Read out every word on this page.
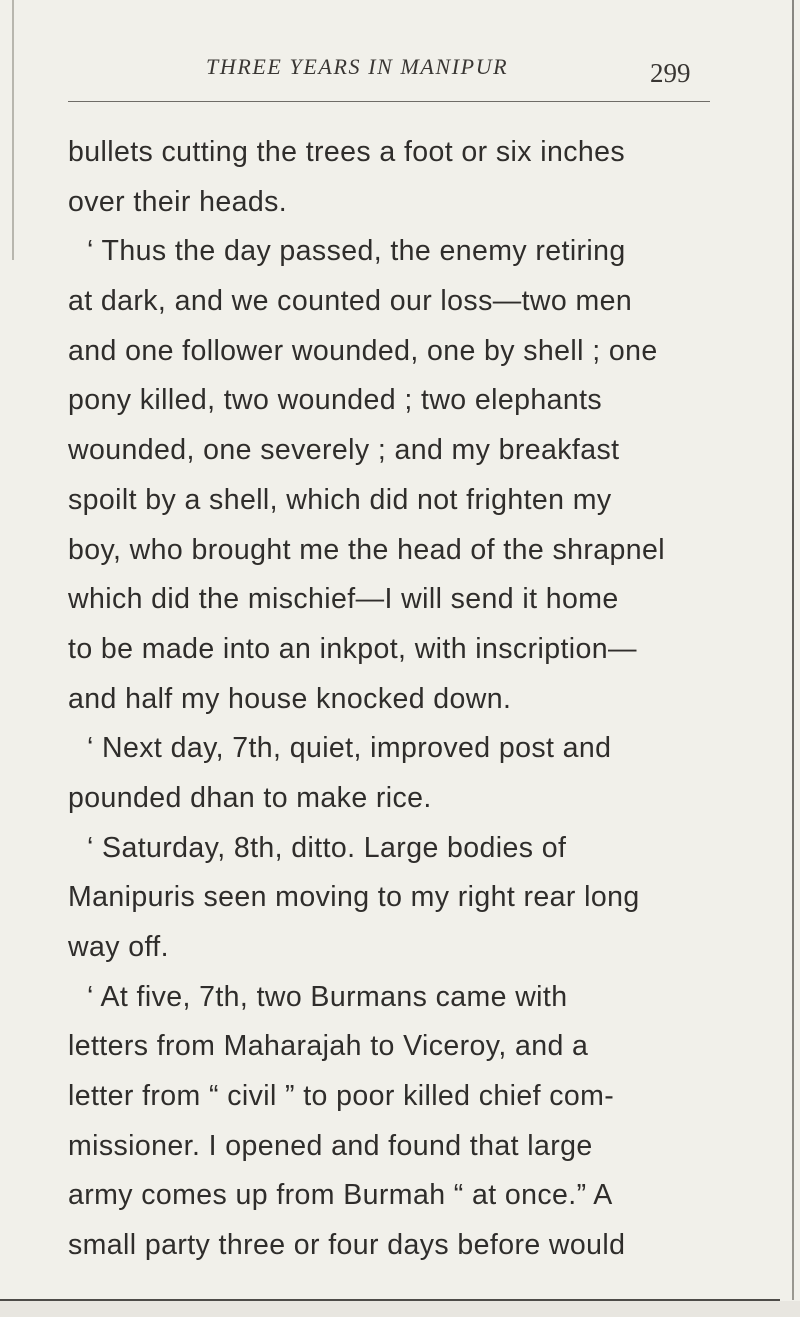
THREE YEARS IN MANIPUR	299
bullets cutting the trees a foot or six inches
over their heads.
‘ Thus the day passed, the enemy retiring
at dark, and we counted our loss—two men
and one follower wounded, one by shell ; one
pony killed, two wounded ; two elephants
wounded, one severely ; and my breakfast
spoilt by a shell, which did not frighten my
boy, who brought me the head of the shrapnel
which did the mischief—I will send it home
to be made into an inkpot, with inscription—
and half my house knocked down.
‘ Next day, 7th, quiet, improved post and
pounded dhan to make rice.
‘ Saturday, 8th, ditto. Large bodies of
Manipuris seen moving to my right rear long
way off.
‘ At five, 7th, two Burmans came with
letters from Maharajah to Viceroy, and a
letter from “ civil ” to poor killed chief com-
missioner. I opened and found that large
army comes up from Burmah “ at once.” A
small party three or four days before would
